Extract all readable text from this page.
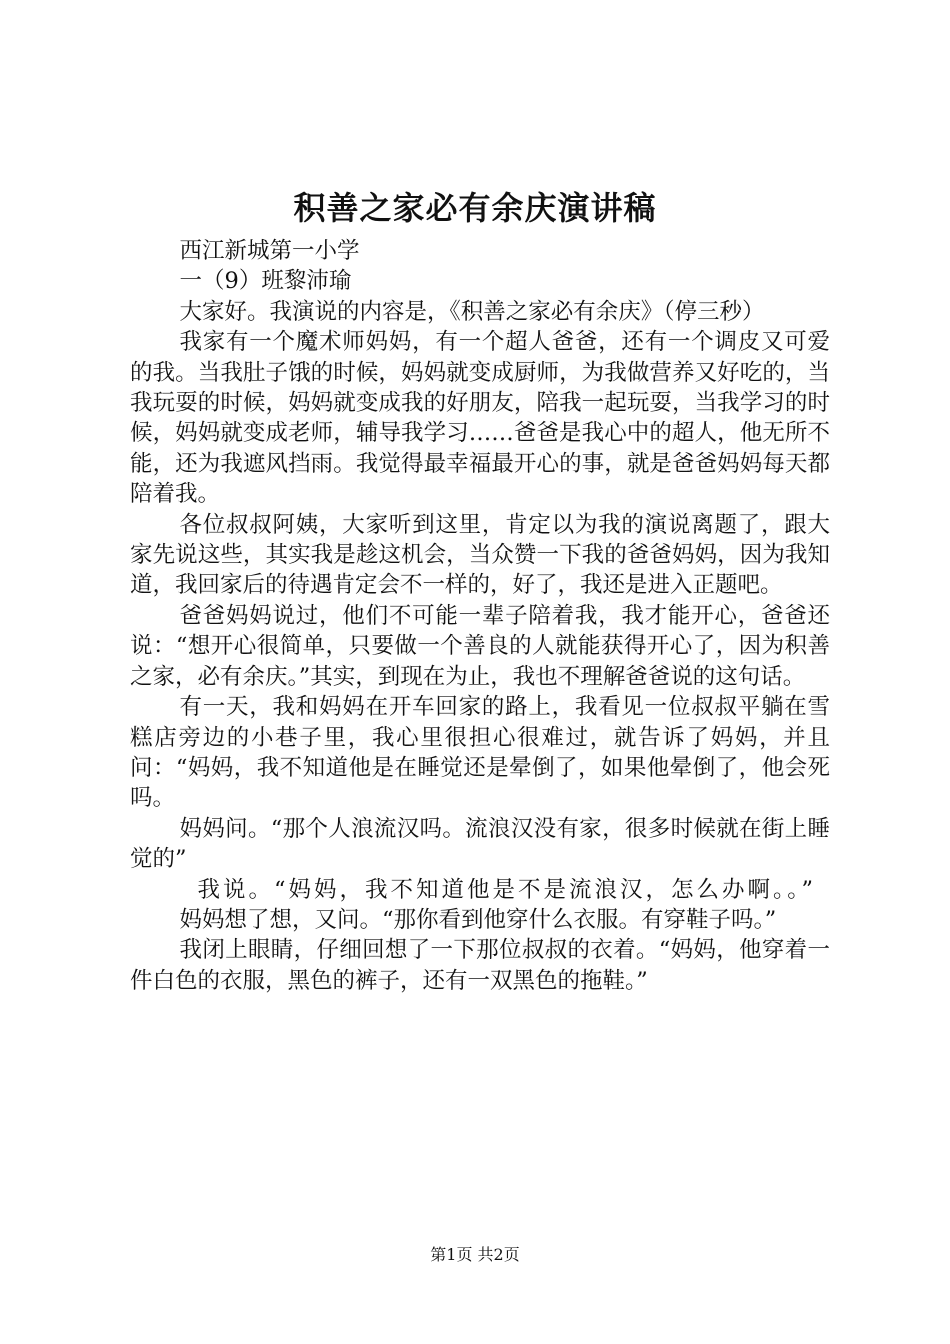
积善之家必有余庆演讲稿

西江新城第一小学

一（9）班黎沛瑜

大家好。我演说的内容是，《积善之家必有余庆》（停三秒）

我家有一个魔术师妈妈，有一个超人爸爸，还有一个调皮又可爱的我。当我肚子饿的时候，妈妈就变成厨师，为我做营养又好吃的，当我玩耍的时候，妈妈就变成我的好朋友，陪我一起玩耍，当我学习的时候，妈妈就变成老师，辅导我学习……爸爸是我心中的超人，他无所不能，还为我遮风挡雨。我觉得最幸福最开心的事，就是爸爸妈妈每天都陪着我。

各位叔叔阿姨，大家听到这里，肯定以为我的演说离题了，跟大家先说这些，其实我是趁这机会，当众赞一下我的爸爸妈妈，因为我知道，我回家后的待遇肯定会不一样的，好了，我还是进入正题吧。

爸爸妈妈说过，他们不可能一辈子陪着我，我才能开心，爸爸还说：“想开心很简单，只要做一个善良的人就能获得开心了，因为积善之家，必有余庆。”其实，到现在为止，我也不理解爸爸说的这句话。

有一天，我和妈妈在开车回家的路上，我看见一位叔叔平躺在雪糕店旁边的小巷子里，我心里很担心很难过，就告诉了妈妈，并且问：“妈妈，我不知道他是在睡觉还是晕倒了，如果他晕倒了，他会死吗。

妈妈问。“那个人浪流汉吗。流浪汉没有家，很多时候就在街上睡觉的”

我说。“妈妈，我不知道他是不是流浪汉，怎么办啊。。”

妈妈想了想，又问。“那你看到他穿什么衣服。有穿鞋子吗。”

我闭上眼睛，仔细回想了一下那位叔叔的衣着。“妈妈，他穿着一件白色的衣服，黑色的裤子，还有一双黑色的拖鞋。”

第1页 共2页
